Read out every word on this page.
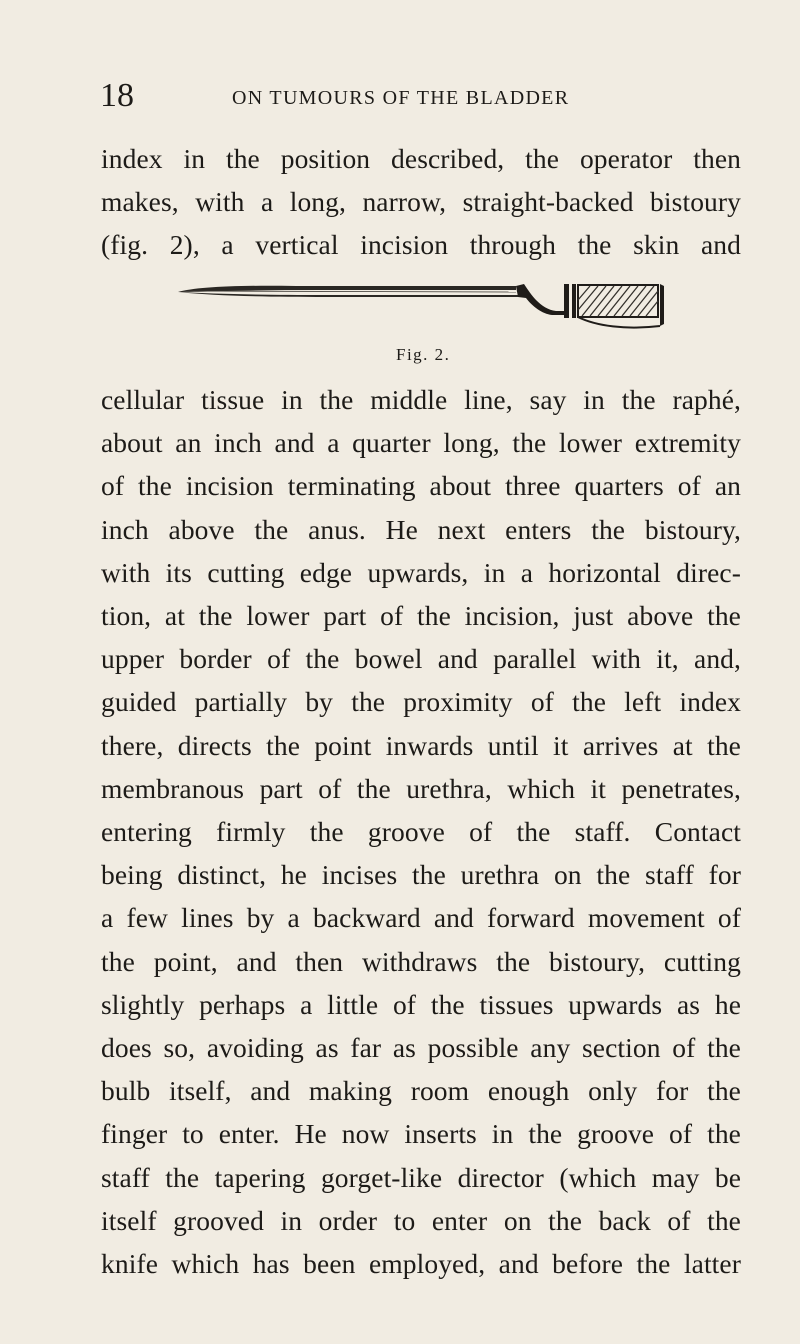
18	ON TUMOURS OF THE BLADDER

index in the position described, the operator then
makes, with a long, narrow, straight-backed bistoury
(fig. 2), a vertical incision through the skin and

Fig. 2.

cellular tissue in the middle line, say in the raphé,
about an inch and a quarter long, the lower extremity
of the incision terminating about three quarters of an
inch above the anus. He next enters the bistoury,
with its cutting edge upwards, in a horizontal direc-
tion, at the lower part of the incision, just above the
upper border of the bowel and parallel with it, and,
guided partially by the proximity of the left index
there, directs the point inwards until it arrives at the
membranous part of the urethra, which it penetrates,
entering firmly the groove of the staff. Contact
being distinct, he incises the urethra on the staff for
a few lines by a backward and forward movement of
the point, and then withdraws the bistoury, cutting
slightly perhaps a little of the tissues upwards as he
does so, avoiding as far as possible any section of the
bulb itself, and making room enough only for the
finger to enter. He now inserts in the groove of the
staff the tapering gorget-like director (which may be
itself grooved in order to enter on the back of the
knife which has been employed, and before the latter
